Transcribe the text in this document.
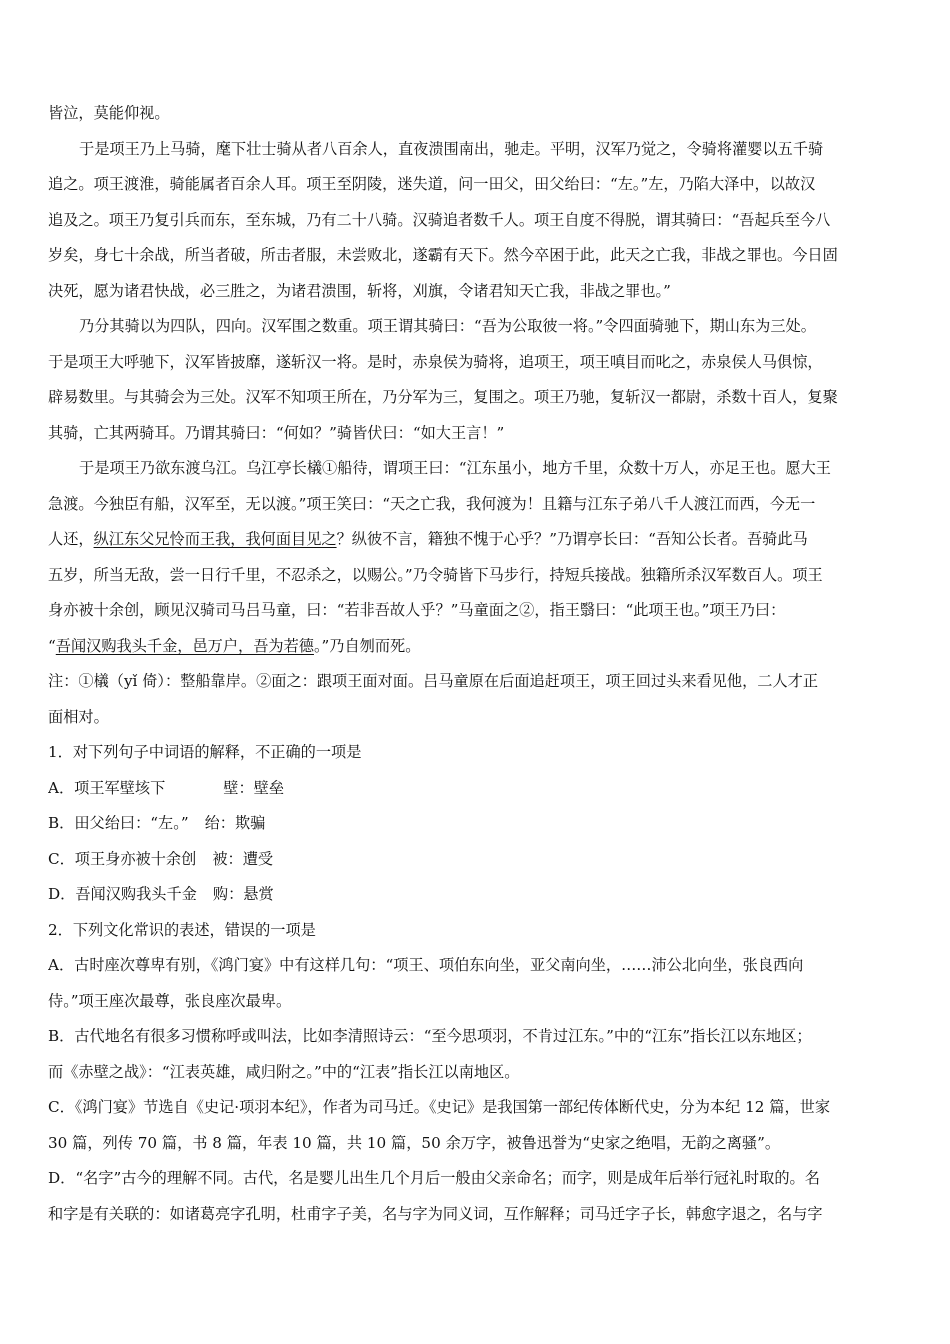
皆泣，莫能仰视。
于是项王乃上马骑，麾下壮士骑从者八百余人，直夜溃围南出，驰走。平明，汉军乃觉之，令骑将灌婴以五千骑
追之。项王渡淮，骑能属者百余人耳。项王至阴陵，迷失道，问一田父，田父绐曰：“左。”左，乃陷大泽中，以故汉
追及之。项王乃复引兵而东，至东城，乃有二十八骑。汉骑追者数千人。项王自度不得脱，谓其骑曰：“吾起兵至今八
岁矣，身七十余战，所当者破，所击者服，未尝败北，遂霸有天下。然今卒困于此，此天之亡我，非战之罪也。今日固
决死，愿为诸君快战，必三胜之，为诸君溃围，斩将，刈旗，令诸君知天亡我，非战之罪也。”
乃分其骑以为四队，四向。汉军围之数重。项王谓其骑曰：“吾为公取彼一将。”令四面骑驰下，期山东为三处。
于是项王大呼驰下，汉军皆披靡，遂斩汉一将。是时，赤泉侯为骑将，追项王，项王嗔目而叱之，赤泉侯人马俱惊，
辟易数里。与其骑会为三处。汉军不知项王所在，乃分军为三，复围之。项王乃驰，复斩汉一都尉，杀数十百人，复聚
其骑，亡其两骑耳。乃谓其骑曰：“何如？”骑皆伏曰：“如大王言！”
于是项王乃欲东渡乌江。乌江亭长檥①船待，谓项王曰：“江东虽小，地方千里，众数十万人，亦足王也。愿大王
急渡。今独臣有船，汉军至，无以渡。”项王笑曰：“天之亡我，我何渡为！且籍与江东子弟八千人渡江而西，今无一
人还，纵江东父兄怜而王我，我何面目见之？纵彼不言，籍独不愧于心乎？”乃谓亭长曰：“吾知公长者。吾骑此马
五岁，所当无敌，尝一日行千里，不忍杀之，以赐公。”乃令骑皆下马步行，持短兵接战。独籍所杀汉军数百人。项王
身亦被十余创，顾见汉骑司马吕马童，曰：“若非吾故人乎？”马童面之②，指王翳曰：“此项王也。”项王乃曰：
“吾闻汉购我头千金，邑万户，吾为若德。”乃自刎而死。
注：①檥（yǐ 倚）：整船靠岸。②面之：跟项王面对面。吕马童原在后面追赶项王，项王回过头来看见他，二人才正
面相对。
1．对下列句子中词语的解释，不正确的一项是
A．项王军壁垓下	壁：壁垒
B．田父绐曰：“左。” 绐：欺骗
C．项王身亦被十余创 被：遭受
D．吾闻汉购我头千金 购：悬赏
2．下列文化常识的表述，错误的一项是
A．古时座次尊卑有别，《鸿门宴》中有这样几句：“项王、项伯东向坐，亚父南向坐，……沛公北向坐，张良西向
侍。”项王座次最尊，张良座次最卑。
B．古代地名有很多习惯称呼或叫法，比如李清照诗云：“至今思项羽，不肯过江东。”中的“江东”指长江以东地区；
而《赤壁之战》：“江表英雄，咸归附之。”中的“江表”指长江以南地区。
C．《鸿门宴》节选自《史记·项羽本纪》，作者为司马迁。《史记》是我国第一部纪传体断代史，分为本纪 12 篇，世家
30 篇，列传 70 篇，书 8 篇，年表 10 篇，共 10 篇，50 余万字，被鲁迅誉为“史家之绝唱，无韵之离骚”。
D．“名字”古今的理解不同。古代，名是婴儿出生几个月后一般由父亲命名；而字，则是成年后举行冠礼时取的。名
和字是有关联的：如诸葛亮字孔明，杜甫字子美，名与字为同义词，互作解释；司马迁字子长，韩愈字退之，名与字
